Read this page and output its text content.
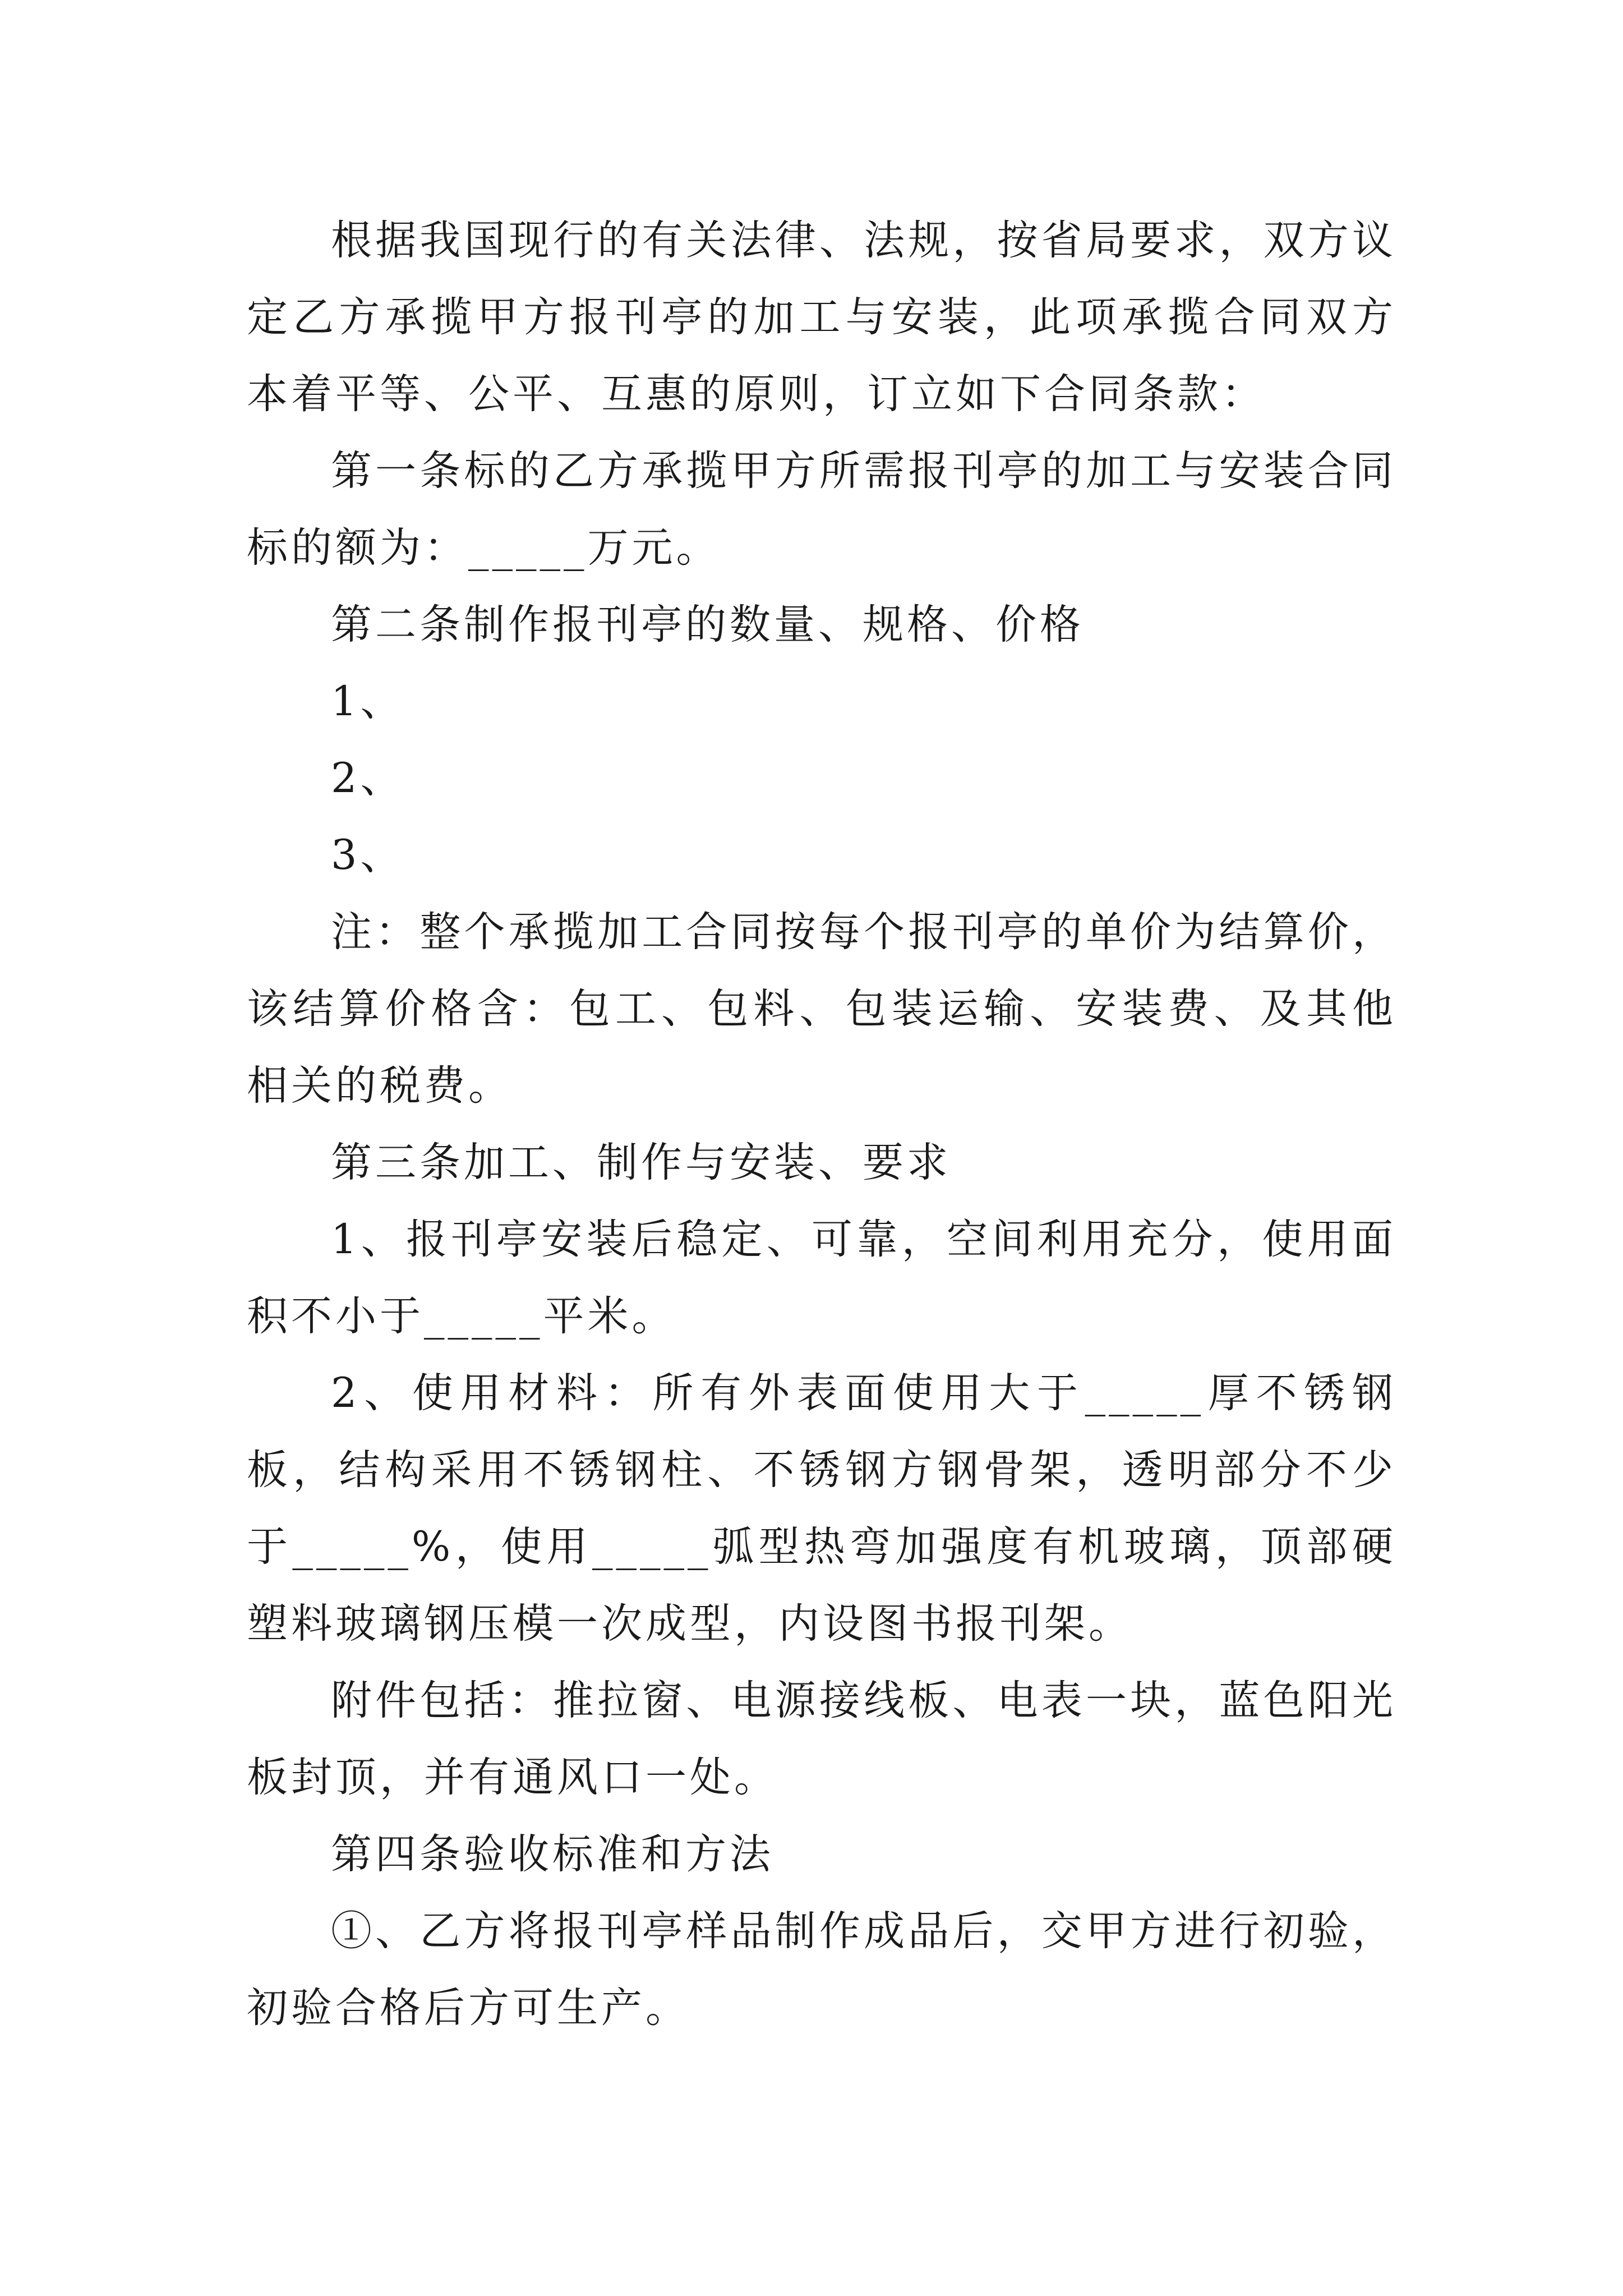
根据我国现行的有关法律、法规，按省局要求，双方议定乙方承揽甲方报刊亭的加工与安装，此项承揽合同双方本着平等、公平、互惠的原则，订立如下合同条款：

第一条标的乙方承揽甲方所需报刊亭的加工与安装合同标的额为：_____万元。

第二条制作报刊亭的数量、规格、价格

1、

2、

3、

注：整个承揽加工合同按每个报刊亭的单价为结算价，该结算价格含：包工、包料、包装运输、安装费、及其他相关的税费。

第三条加工、制作与安装、要求

1、报刊亭安装后稳定、可靠，空间利用充分，使用面积不小于_____平米。

2、使用材料：所有外表面使用大于_____厚不锈钢板，结构采用不锈钢柱、不锈钢方钢骨架，透明部分不少于_____%，使用_____弧型热弯加强度有机玻璃，顶部硬塑料玻璃钢压模一次成型，内设图书报刊架。

附件包括：推拉窗、电源接线板、电表一块，蓝色阳光板封顶，并有通风口一处。

第四条验收标准和方法

①、乙方将报刊亭样品制作成品后，交甲方进行初验，初验合格后方可生产。
